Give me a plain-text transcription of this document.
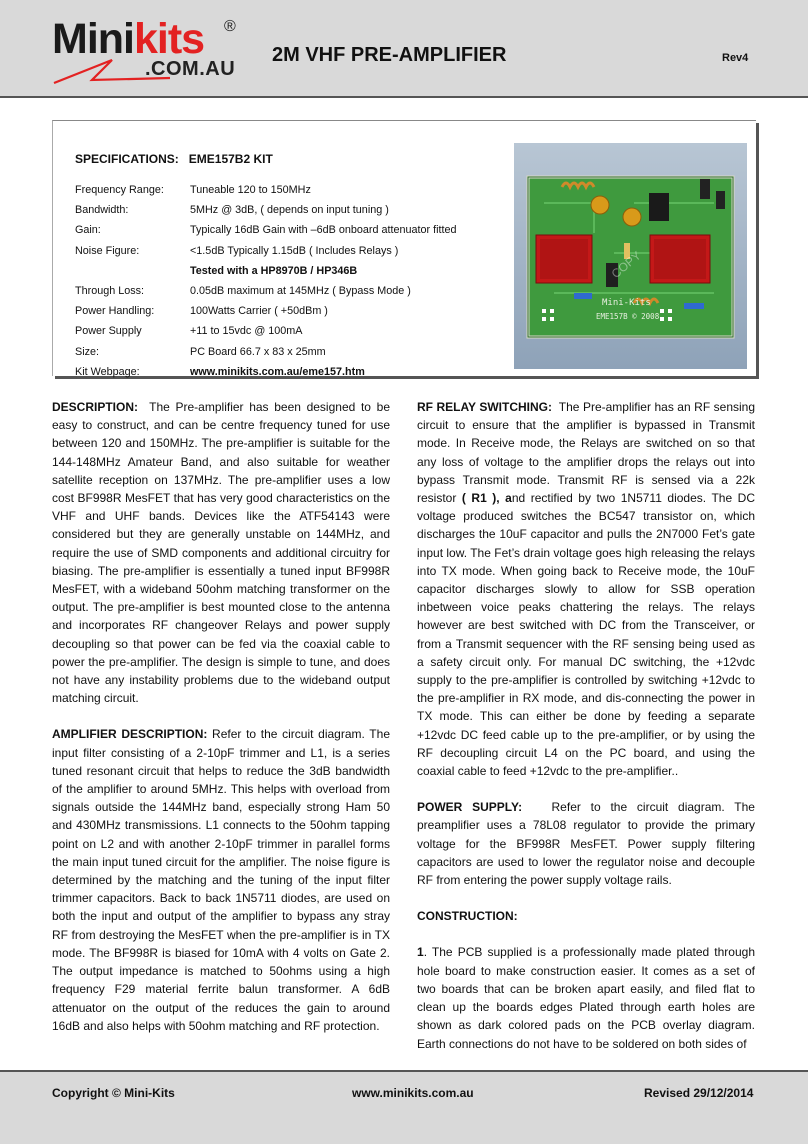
Minikits ®
.COM.AU
2M VHF PRE-AMPLIFIER	Rev4
SPECIFICATIONS:   EME157B2 KIT
Frequency Range: Tuneable 120 to 150MHz
Bandwidth:	5MHz @ 3dB, ( depends on input tuning )
Gain:	Typically 16dB Gain with –6dB onboard attenuator fitted
Noise Figure:	<1.5dB Typically 1.15dB ( Includes Relays )
Tested with a HP8970B / HP346B
Through Loss:	0.05dB maximum at 145MHz ( Bypass Mode )
Power Handling:	100Watts Carrier ( +50dBm )
Power Supply	+11 to 15vdc @ 100mA
Size:	PC Board 66.7 x 83 x 25mm
Kit Webpage:	www.minikits.com.au/eme157.htm
Mini-Kits
EME157B © 2008
COPY

DESCRIPTION: The Pre-amplifier has been designed to be easy to construct, and can be centre frequency tuned for use between 120 and 150MHz. The pre-amplifier is suitable for the 144-148MHz Amateur Band, and also suitable for weather satellite reception on 137MHz. The pre-amplifier uses a low cost BF998R MesFET that has very good characteristics on the VHF and UHF bands. Devices like the ATF54143 were considered but they are generally unstable on 144MHz, and require the use of SMD components and additional circuitry for biasing. The pre-amplifier is essentially a tuned input BF998R MesFET, with a wideband 50ohm matching transformer on the output. The pre-amplifier is best mounted close to the antenna and incorporates RF changeover Relays and power supply decoupling so that power can be fed via the coaxial cable to power the pre-amplifier. The design is simple to tune, and does not have any instability problems due to the wideband output matching circuit.

AMPLIFIER DESCRIPTION: Refer to the circuit diagram. The input filter consisting of a 2-10pF trimmer and L1, is a series tuned resonant circuit that helps to reduce the 3dB bandwidth of the amplifier to around 5MHz. This helps with overload from signals outside the 144MHz band, especially strong Ham 50 and 430MHz transmissions. L1 connects to the 50ohm tapping point on L2 and with another 2-10pF trimmer in parallel forms the main input tuned circuit for the amplifier. The noise figure is determined by the matching and the tuning of the input filter trimmer capacitors. Back to back 1N5711 diodes, are used on both the input and output of the amplifier to bypass any stray RF from destroying the MesFET when the pre-amplifier is in TX mode. The BF998R is biased for 10mA with 4 volts on Gate 2. The output impedance is matched to 50ohms using a high frequency F29 material ferrite balun transformer. A 6dB attenuator on the output of the reduces the gain to around 16dB and also helps with 50ohm matching and RF protection.

RF RELAY SWITCHING: The Pre-amplifier has an RF sensing circuit to ensure that the amplifier is bypassed in Transmit mode. In Receive mode, the Relays are switched on so that any loss of voltage to the amplifier drops the relays out into bypass Transmit mode. Transmit RF is sensed via a 22k resistor ( R1 ), and rectified by two 1N5711 diodes. The DC voltage produced switches the BC547 transistor on, which discharges the 10uF capacitor and pulls the 2N7000 Fet’s gate input low. The Fet’s drain voltage goes high releasing the relays into TX mode. When going back to Receive mode, the 10uF capacitor discharges slowly to allow for SSB operation inbetween voice peaks chattering the relays. The relays however are best switched with DC from the Transceiver, or from a Transmit sequencer with the RF sensing being used as a safety circuit only. For manual DC switching, the +12vdc supply to the pre-amplifier is controlled by switching +12vdc to the pre-amplifier in RX mode, and dis-connecting the power in TX mode. This can either be done by feeding a separate +12vdc DC feed cable up to the pre-amplifier, or by using the RF decoupling circuit L4 on the PC board, and using the coaxial cable to feed +12vdc to the pre-amplifier..

POWER SUPPLY: Refer to the circuit diagram. The preamplifier uses a 78L08 regulator to provide the primary voltage for the BF998R MesFET. Power supply filtering capacitors are used to lower the regulator noise and decouple RF from entering the power supply voltage rails.

CONSTRUCTION:

1. The PCB supplied is a professionally made plated through hole board to make construction easier. It comes as a set of two boards that can be broken apart easily, and filed flat to clean up the boards edges Plated through earth holes are shown as dark colored pads on the PCB overlay diagram. Earth connections do not have to be soldered on both sides of

Copyright © Mini-Kits	www.minikits.com.au	Revised 29/12/2014
